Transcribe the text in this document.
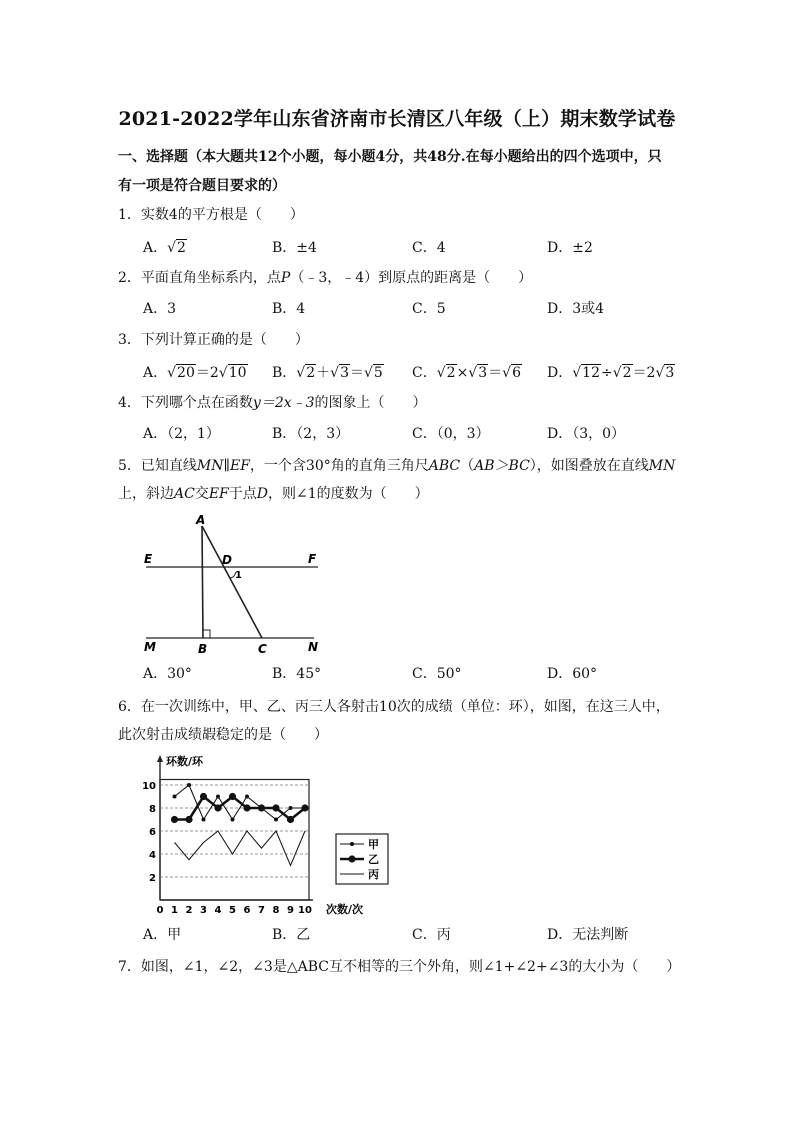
2021-2022学年山东省济南市长清区八年级（上）期末数学试卷
一、选择题（本大题共12个小题，每小题4分，共48分.在每小题给出的四个选项中，只
有一项是符合题目要求的）
1．实数4的平方根是（　　）
A．√2	B．±4	C．4	D．±2
2．平面直角坐标系内，点P（﹣3，﹣4）到原点的距离是（　　）
A．3	B．4	C．5	D．3或4
3．下列计算正确的是（　　）
A．√20＝2√10 B．√2＋√3＝√5 C．√2×√3＝√6 D．√12÷√2＝2√3
4．下列哪个点在函数y＝2x﹣3的图象上（　　）
A．（2，1）	B．（2，3）	C．（0，3）	D．（3，0）
5．已知直线MN∥EF，一个含30°角的直角三角尺ABC（AB＞BC），如图叠放在直线MN
上，斜边AC交EF于点D，则∠1的度数为（　　）
A
E	D	F
1
M	B	C	N
A．30°	B．45°	C．50°	D．60°
6．在一次训练中，甲、乙、丙三人各射击10次的成绩（单位：环），如图，在这三人中，
此次射击成绩嘏稳定的是（　　）
环数/环
次数/次
2
4
6
8
10
0 1 2 3 4 5 6 7 8 9 10
甲
乙
丙
A．甲	B．乙	C．丙	D．无法判断
7．如图，∠1，∠2，∠3是△ABC互不相等的三个外角，则∠1+∠2+∠3的大小为（　　）
